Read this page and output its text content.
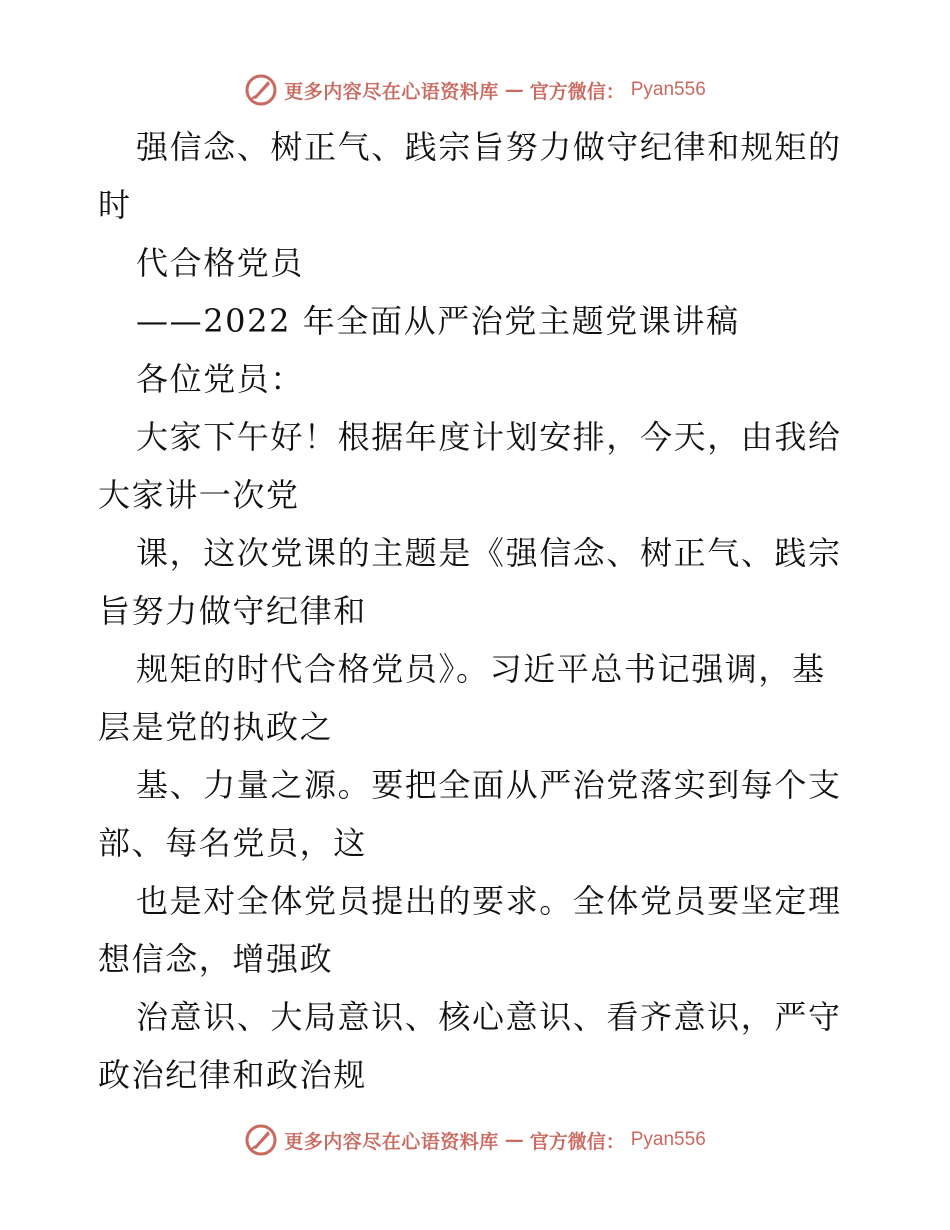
更多内容尽在心语资料库 — 官方微信： Pyan556
强信念、树正气、践宗旨努力做守纪律和规矩的
时
代合格党员
——2022 年全面从严治党主题党课讲稿
各位党员：
大家下午好！根据年度计划安排，今天，由我给
大家讲一次党
课，这次党课的主题是《强信念、树正气、践宗
旨努力做守纪律和
规矩的时代合格党员》。习近平总书记强调，基
层是党的执政之
基、力量之源。要把全面从严治党落实到每个支
部、每名党员，这
也是对全体党员提出的要求。全体党员要坚定理
想信念，增强政
治意识、大局意识、核心意识、看齐意识，严守
政治纪律和政治规
更多内容尽在心语资料库 — 官方微信： Pyan556
